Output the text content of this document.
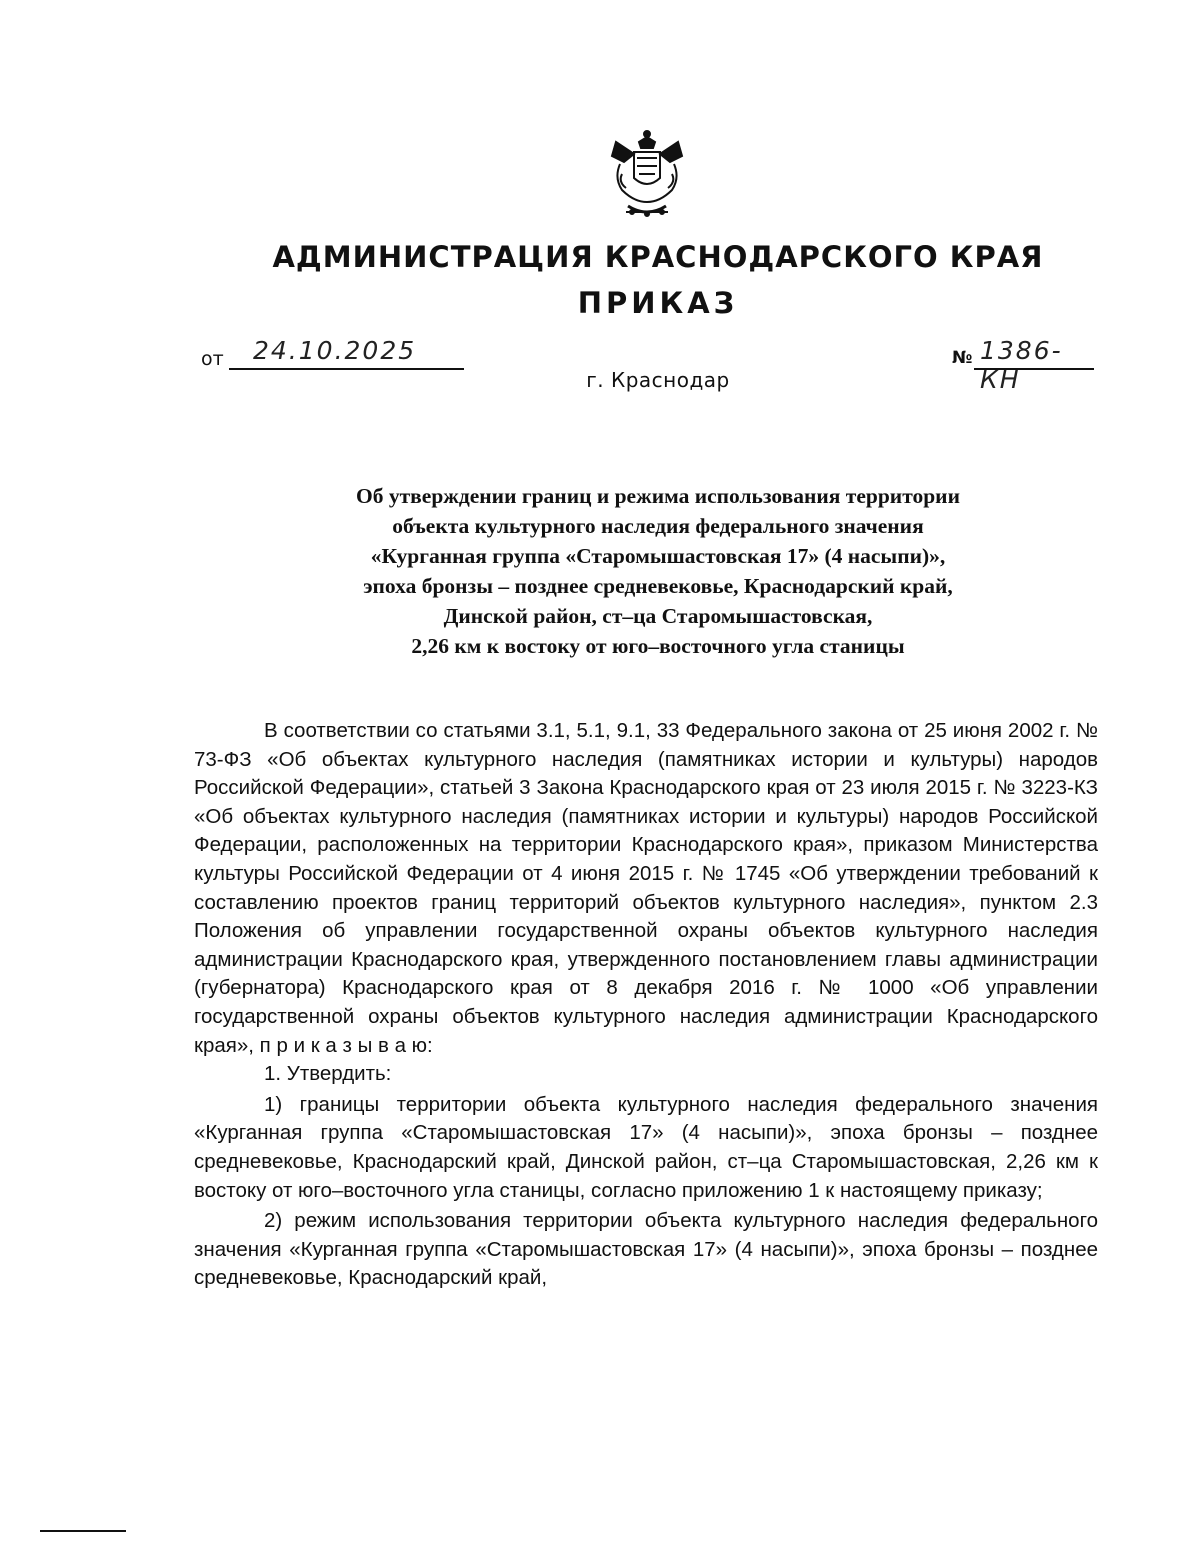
АДМИНИСТРАЦИЯ КРАСНОДАРСКОГО КРАЯ
ПРИКАЗ
от 24.10.2025	№ 1386-КН
г. Краснодар
Об утверждении границ и режима использования территории
объекта культурного наследия федерального значения
«Курганная группа «Старомышастовская 17» (4 насыпи)»,
эпоха бронзы – позднее средневековье, Краснодарский край,
Динской район, ст–ца Старомышастовская,
2,26 км к востоку от юго–восточного угла станицы

В соответствии со статьями 3.1, 5.1, 9.1, 33 Федерального закона от 25 июня 2002 г. № 73-ФЗ «Об объектах культурного наследия (памятниках истории и культуры) народов Российской Федерации», статьей 3 Закона Краснодарского края от 23 июля 2015 г. № 3223-КЗ «Об объектах культурного наследия (памятниках истории и культуры) народов Российской Федерации, расположенных на территории Краснодарского края», приказом Министерства культуры Российской Федерации от 4 июня 2015 г. № 1745 «Об утверждении требований к составлению проектов границ территорий объектов культурного наследия», пунктом 2.3 Положения об управлении государственной охраны объектов культурного наследия администрации Краснодарского края, утвержденного постановлением главы администрации (губернатора) Краснодарского края от 8 декабря 2016 г. № 1000 «Об управлении государственной охраны объектов культурного наследия администрации Краснодарского края», п р и к а з ы в а ю:

1. Утвердить:

1) границы территории объекта культурного наследия федерального значения «Курганная группа «Старомышастовская 17» (4 насыпи)», эпоха бронзы – позднее средневековье, Краснодарский край, Динской район, ст–ца Старомышастовская, 2,26 км к востоку от юго–восточного угла станицы, согласно приложению 1 к настоящему приказу;

2) режим использования территории объекта культурного наследия федерального значения «Курганная группа «Старомышастовская 17» (4 насыпи)», эпоха бронзы – позднее средневековье, Краснодарский край,
